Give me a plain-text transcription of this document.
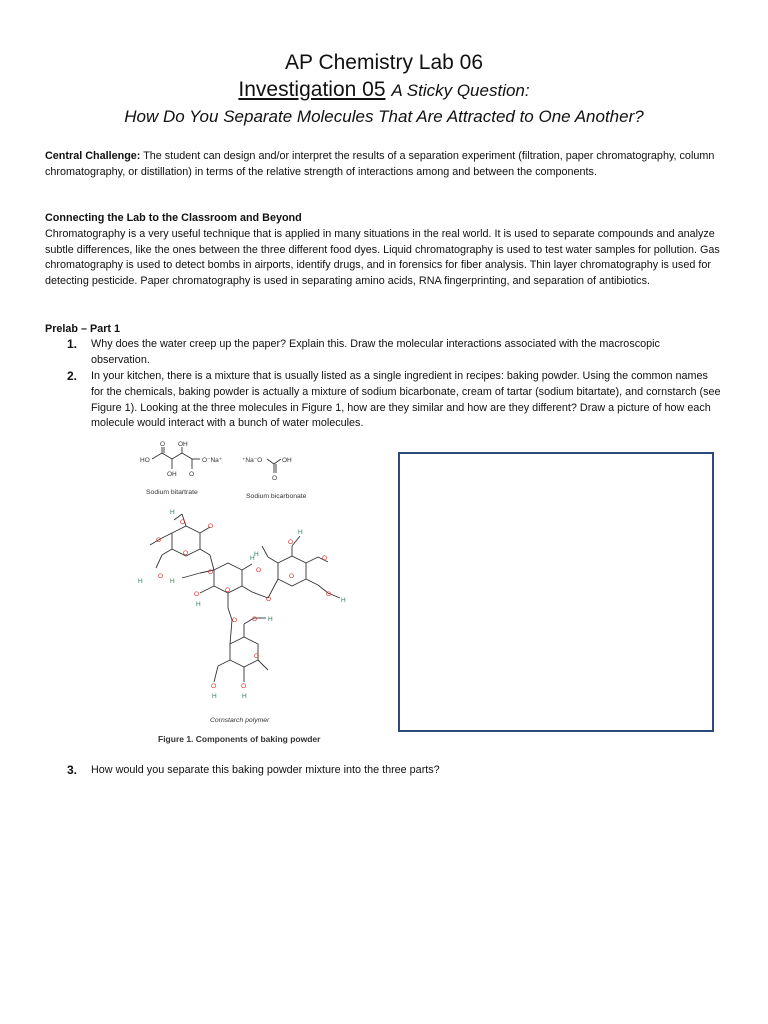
AP Chemistry Lab 06
Investigation 05 A Sticky Question:
How Do You Separate Molecules That Are Attracted to One Another?
Central Challenge: The student can design and/or interpret the results of a separation experiment (filtration, paper chromatography, column chromatography, or distillation) in terms of the relative strength of interactions among and between the components.
Connecting the Lab to the Classroom and Beyond
Chromatography is a very useful technique that is applied in many situations in the real world. It is used to separate compounds and analyze subtle differences, like the ones between the three different food dyes. Liquid chromatography is used to test water samples for pollution. Gas chromatography is used to detect bombs in airports, identify drugs, and in forensics for fiber analysis. Thin layer chromatography is used for detecting pesticide. Paper chromatography is used in separating amino acids, RNA fingerprinting, and separation of antibiotics.
Prelab – Part 1
1. Why does the water creep up the paper? Explain this. Draw the molecular interactions associated with the macroscopic observation.
2. In your kitchen, there is a mixture that is usually listed as a single ingredient in recipes: baking powder. Using the common names for the chemicals, baking powder is actually a mixture of sodium bicarbonate, cream of tartar (sodium bitartate), and cornstarch (see Figure 1). Looking at the three molecules in Figure 1, how are they similar and how are they different? Draw a picture of how each molecule would interact with a bunch of water molecules.
O OH
HO	O⁻Na⁺
OH O
Sodium bitartrate
⁺Na⁻O	OH
O
Sodium bicarbonate
H
O
O
O
O
O
O
H	H
O
H
O
H
O
H
O
O
O
H
O
O
H
O O H
O
O
H
O
H
Cornstarch polymer
Figure 1. Components of baking powder
3. How would you separate this baking powder mixture into the three parts?
